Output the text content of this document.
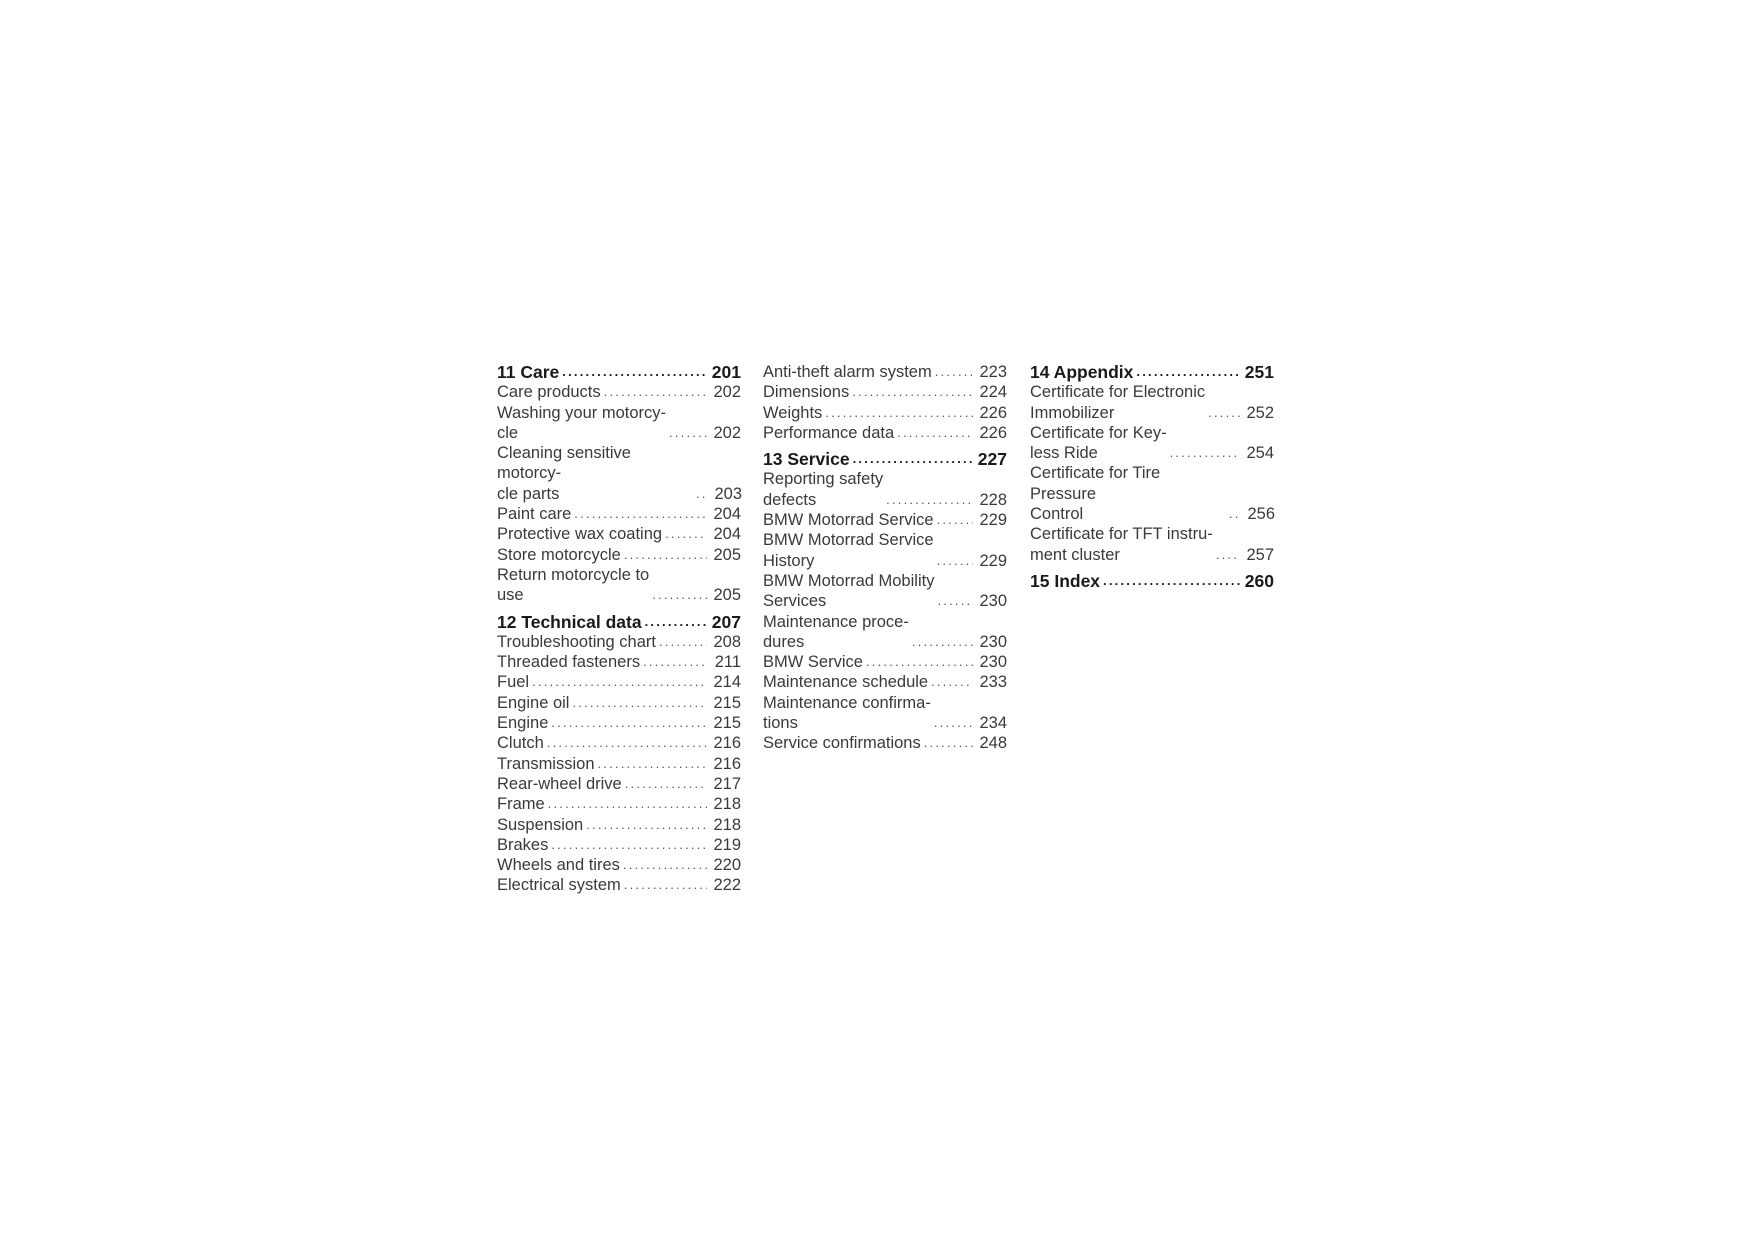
11 Care .....	201
Care products .....	202
Washing your motorcy-
cle .....	202
Cleaning sensitive motorcy-
cle parts .....	203
Paint care .....	204
Protective wax coating .....	204
Store motorcycle .....	205
Return motorcycle to
use .....	205
12 Technical data .....	207
Troubleshooting chart .....	208
Threaded fasteners .....	211
Fuel .....	214
Engine oil .....	215
Engine .....	215
Clutch .....	216
Transmission .....	216
Rear-wheel drive .....	217
Frame .....	218
Suspension .....	218
Brakes .....	219
Wheels and tires .....	220
Electrical system .....	222
Anti-theft alarm system .....	223
Dimensions .....	224
Weights .....	226
Performance data .....	226
13 Service .....	227
Reporting safety
defects .....	228
BMW Motorrad Service .....	229
BMW Motorrad Service
History .....	229
BMW Motorrad Mobility
Services .....	230
Maintenance proce-
dures .....	230
BMW Service .....	230
Maintenance schedule .....	233
Maintenance confirma-
tions .....	234
Service confirmations .....	248
14 Appendix .....	251
Certificate for Electronic
Immobilizer .....	252
Certificate for Key-
less Ride .....	254
Certificate for Tire Pressure
Control .....	256
Certificate for TFT instru-
ment cluster .....	257
15 Index .....	260
